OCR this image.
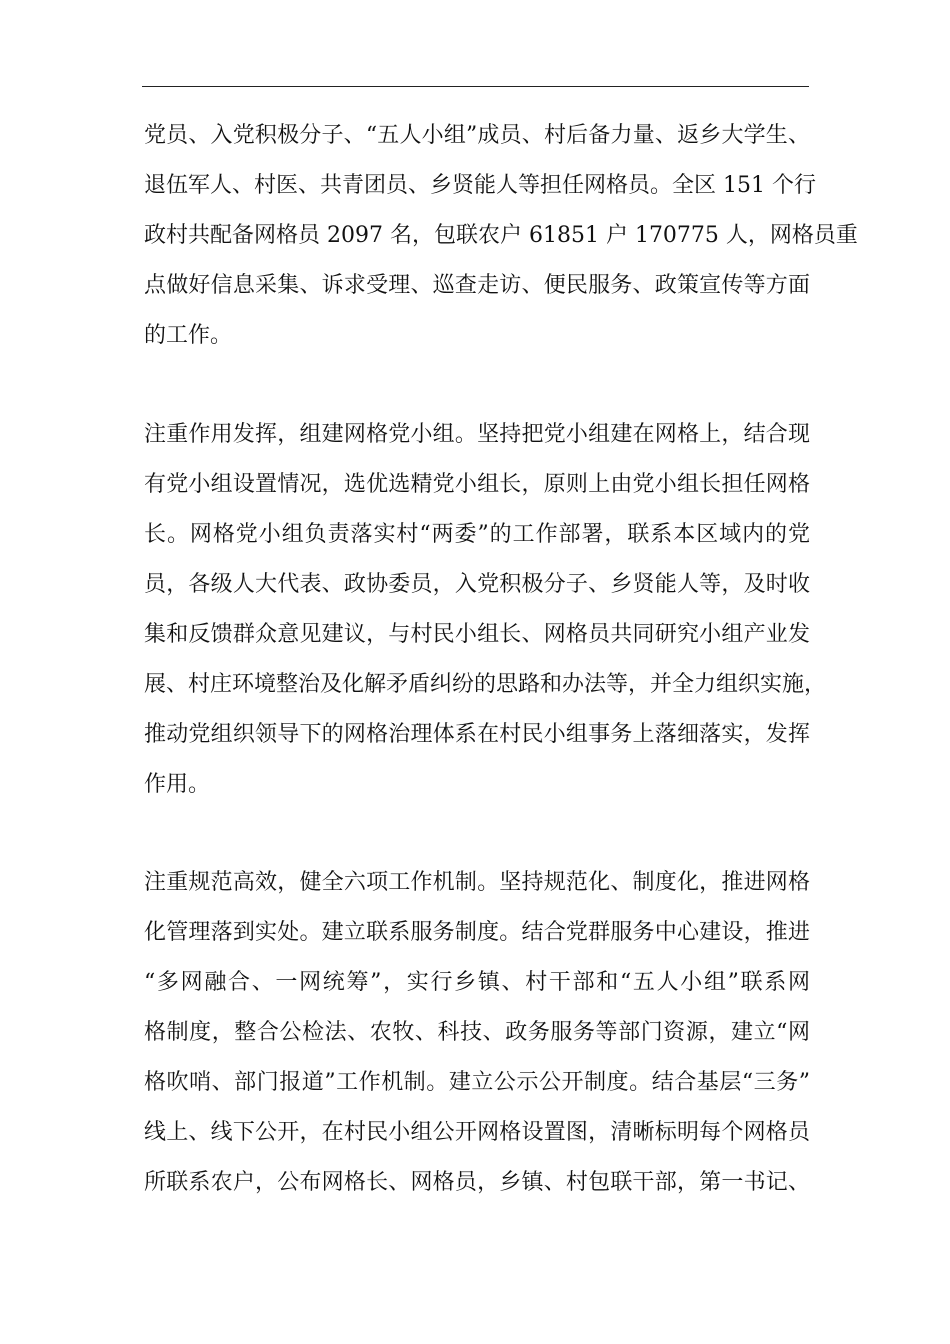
党员、入党积极分子、“五人小组”成员、村后备力量、返乡大学生、
退伍军人、村医、共青团员、乡贤能人等担任网格员。全区 151 个行
政村共配备网格员 2097 名，包联农户 61851 户 170775 人，网格员重
点做好信息采集、诉求受理、巡查走访、便民服务、政策宣传等方面
的工作。
注重作用发挥，组建网格党小组。坚持把党小组建在网格上，结合现
有党小组设置情况，选优选精党小组长，原则上由党小组长担任网格
长。网格党小组负责落实村“两委”的工作部署，联系本区域内的党
员，各级人大代表、政协委员，入党积极分子、乡贤能人等，及时收
集和反馈群众意见建议，与村民小组长、网格员共同研究小组产业发
展、村庄环境整治及化解矛盾纠纷的思路和办法等，并全力组织实施，
推动党组织领导下的网格治理体系在村民小组事务上落细落实，发挥
作用。
注重规范高效，健全六项工作机制。坚持规范化、制度化，推进网格
化管理落到实处。建立联系服务制度。结合党群服务中心建设，推进
“多网融合、一网统筹”，实行乡镇、村干部和“五人小组”联系网
格制度，整合公检法、农牧、科技、政务服务等部门资源，建立“网
格吹哨、部门报道”工作机制。建立公示公开制度。结合基层“三务”
线上、线下公开，在村民小组公开网格设置图，清晰标明每个网格员
所联系农户，公布网格长、网格员，乡镇、村包联干部，第一书记、
